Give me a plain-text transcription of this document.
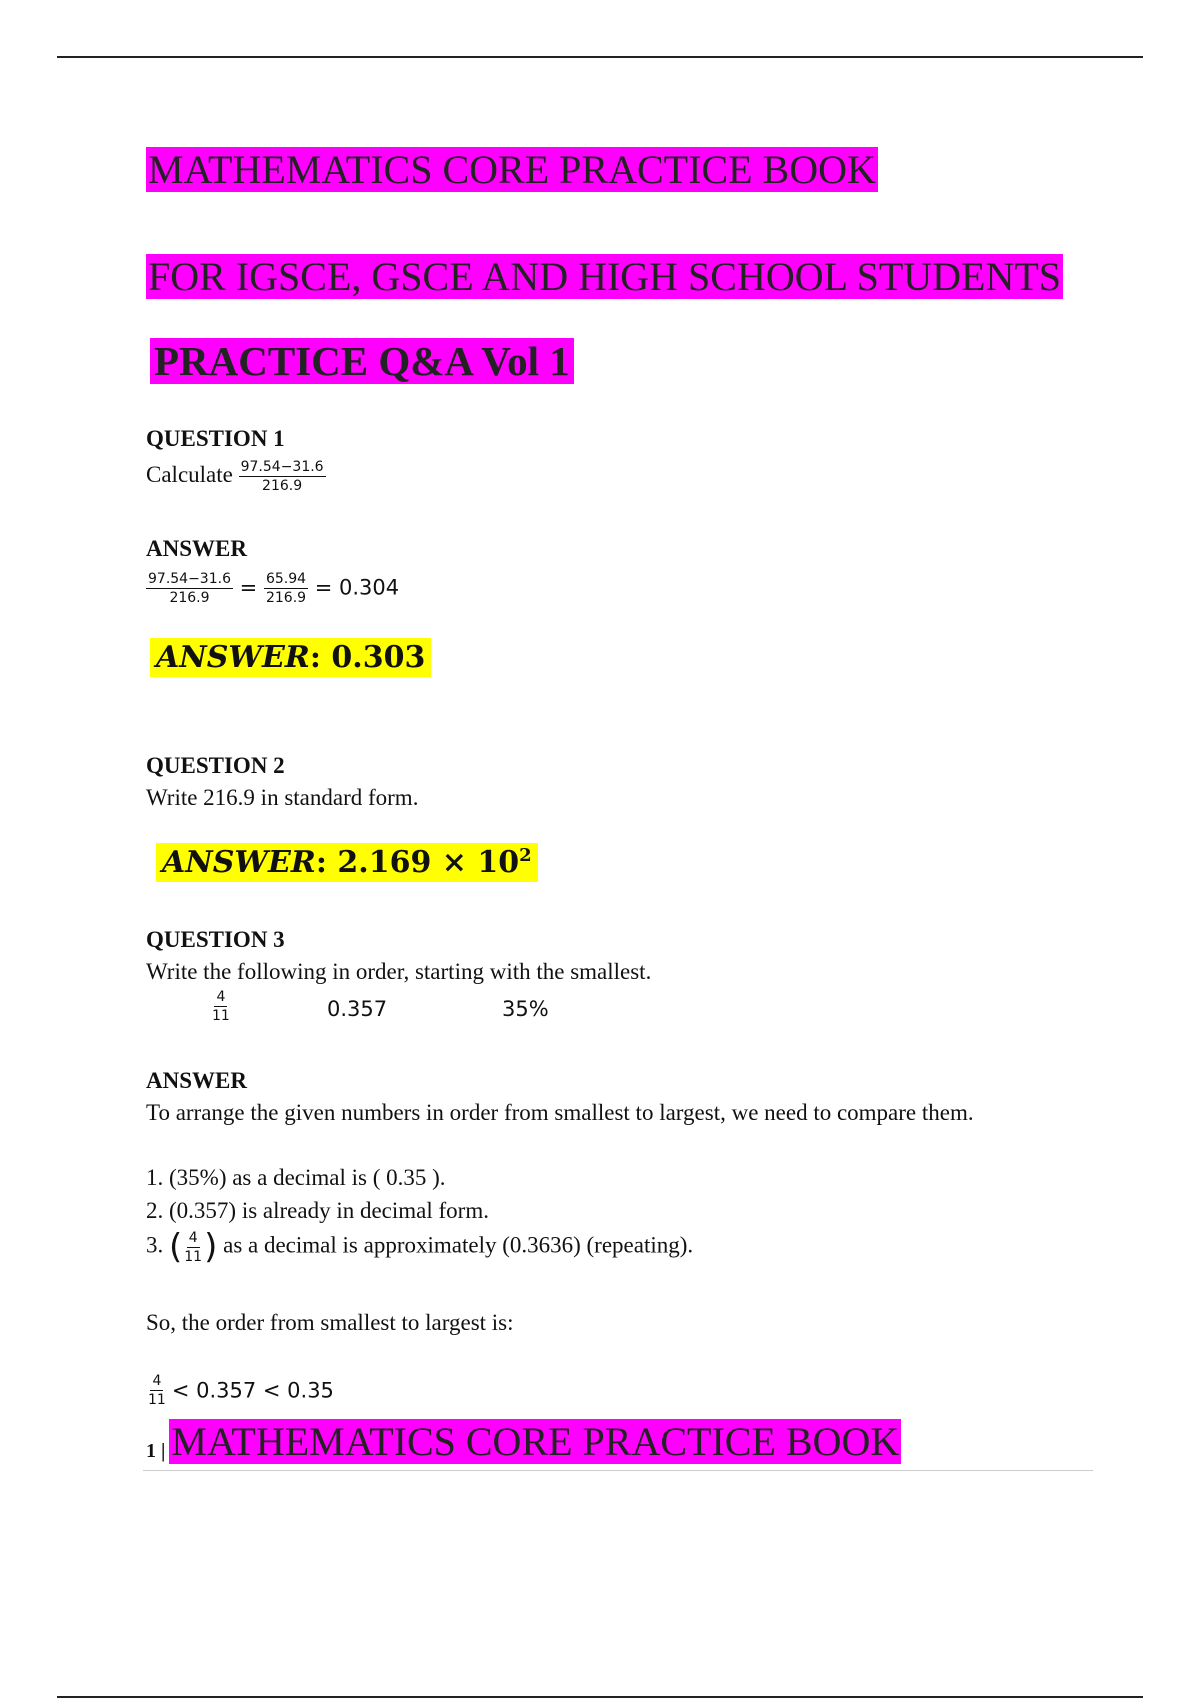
MATHEMATICS CORE PRACTICE BOOK
FOR IGSCE, GSCE AND HIGH SCHOOL STUDENTS
PRACTICE Q&A Vol 1
QUESTION 1
Calculate $\frac{97.54-31.6}{216.9}$
ANSWER
$\frac{97.54-31.6}{216.9} = \frac{65.94}{216.9} = 0.304$
ANSWER: 0.303
QUESTION 2
Write 216.9 in standard form.
ANSWER: $2.169 \times 10^2$
QUESTION 3
Write the following in order, starting with the smallest.
$\frac{4}{11}$	0.357	35%
ANSWER
To arrange the given numbers in order from smallest to largest, we need to compare them.
1. (35%) as a decimal is ( 0.35 ).
2. (0.357) is already in decimal form.
3. ( $\frac{4}{11}$ ) as a decimal is approximately (0.3636) (repeating).
So, the order from smallest to largest is:
$\frac{4}{11} < 0.357 < 0.35$
1 | MATHEMATICS CORE PRACTICE BOOK
